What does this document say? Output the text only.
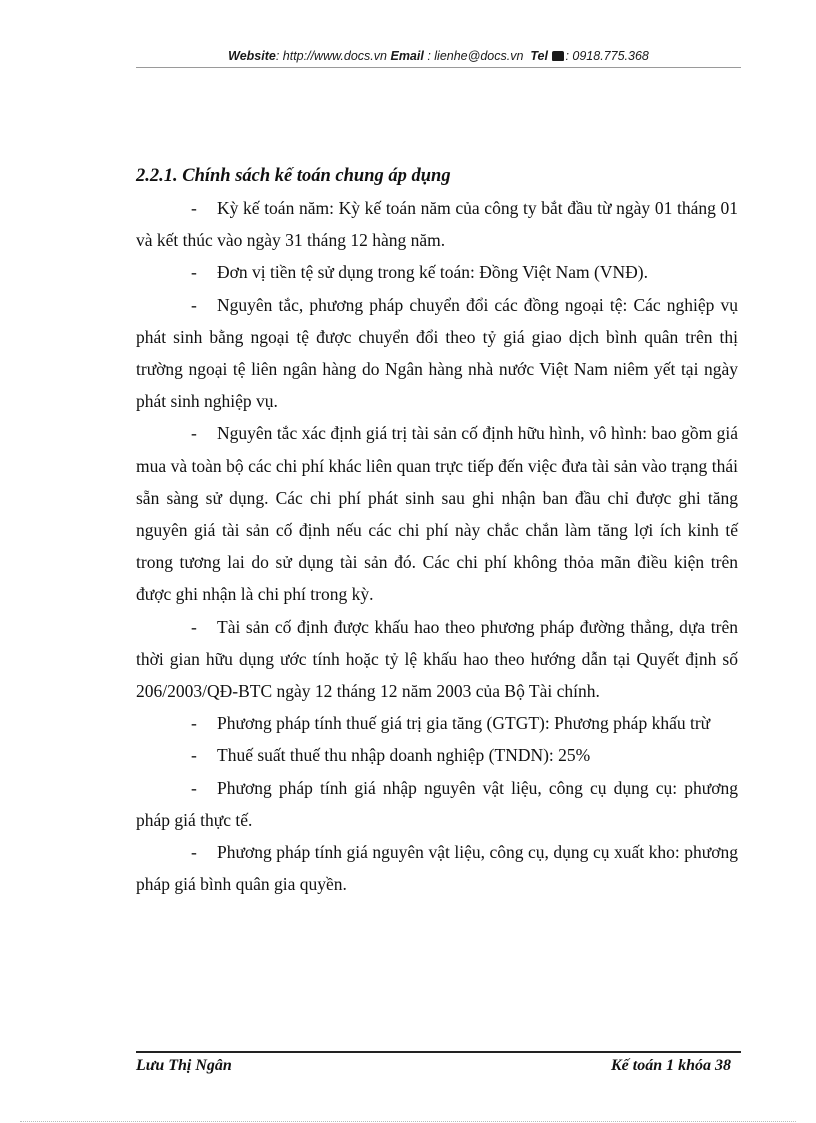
Website: http://www.docs.vn Email : lienhe@docs.vn Tel : 0918.775.368
2.2.1. Chính sách kế toán chung áp dụng

- Kỳ kế toán năm: Kỳ kế toán năm của công ty bắt đầu từ ngày 01 tháng 01 và kết thúc vào ngày 31 tháng 12 hàng năm.

- Đơn vị tiền tệ sử dụng trong kế toán: Đồng Việt Nam (VNĐ).

- Nguyên tắc, phương pháp chuyển đổi các đồng ngoại tệ: Các nghiệp vụ phát sinh bằng ngoại tệ được chuyển đổi theo tỷ giá giao dịch bình quân trên thị trường ngoại tệ liên ngân hàng do Ngân hàng nhà nước Việt Nam niêm yết tại ngày phát sinh nghiệp vụ.

- Nguyên tắc xác định giá trị tài sản cố định hữu hình, vô hình: bao gồm giá mua và toàn bộ các chi phí khác liên quan trực tiếp đến việc đưa tài sản vào trạng thái sẵn sàng sử dụng. Các chi phí phát sinh sau ghi nhận ban đầu chỉ được ghi tăng nguyên giá tài sản cố định nếu các chi phí này chắc chắn làm tăng lợi ích kinh tế trong tương lai do sử dụng tài sản đó. Các chi phí không thỏa mãn điều kiện trên được ghi nhận là chi phí trong kỳ.

- Tài sản cố định được khấu hao theo phương pháp đường thẳng, dựa trên thời gian hữu dụng ước tính hoặc tỷ lệ khấu hao theo hướng dẫn tại Quyết định số 206/2003/QĐ-BTC ngày 12 tháng 12 năm 2003 của Bộ Tài chính.

- Phương pháp tính thuế giá trị gia tăng (GTGT): Phương pháp khấu trừ

- Thuế suất thuế thu nhập doanh nghiệp (TNDN): 25%

- Phương pháp tính giá nhập nguyên vật liệu, công cụ dụng cụ: phương pháp giá thực tế.

- Phương pháp tính giá nguyên vật liệu, công cụ, dụng cụ xuất kho: phương pháp giá bình quân gia quyền.

Lưu Thị Ngân	Kế toán 1 khóa 38
